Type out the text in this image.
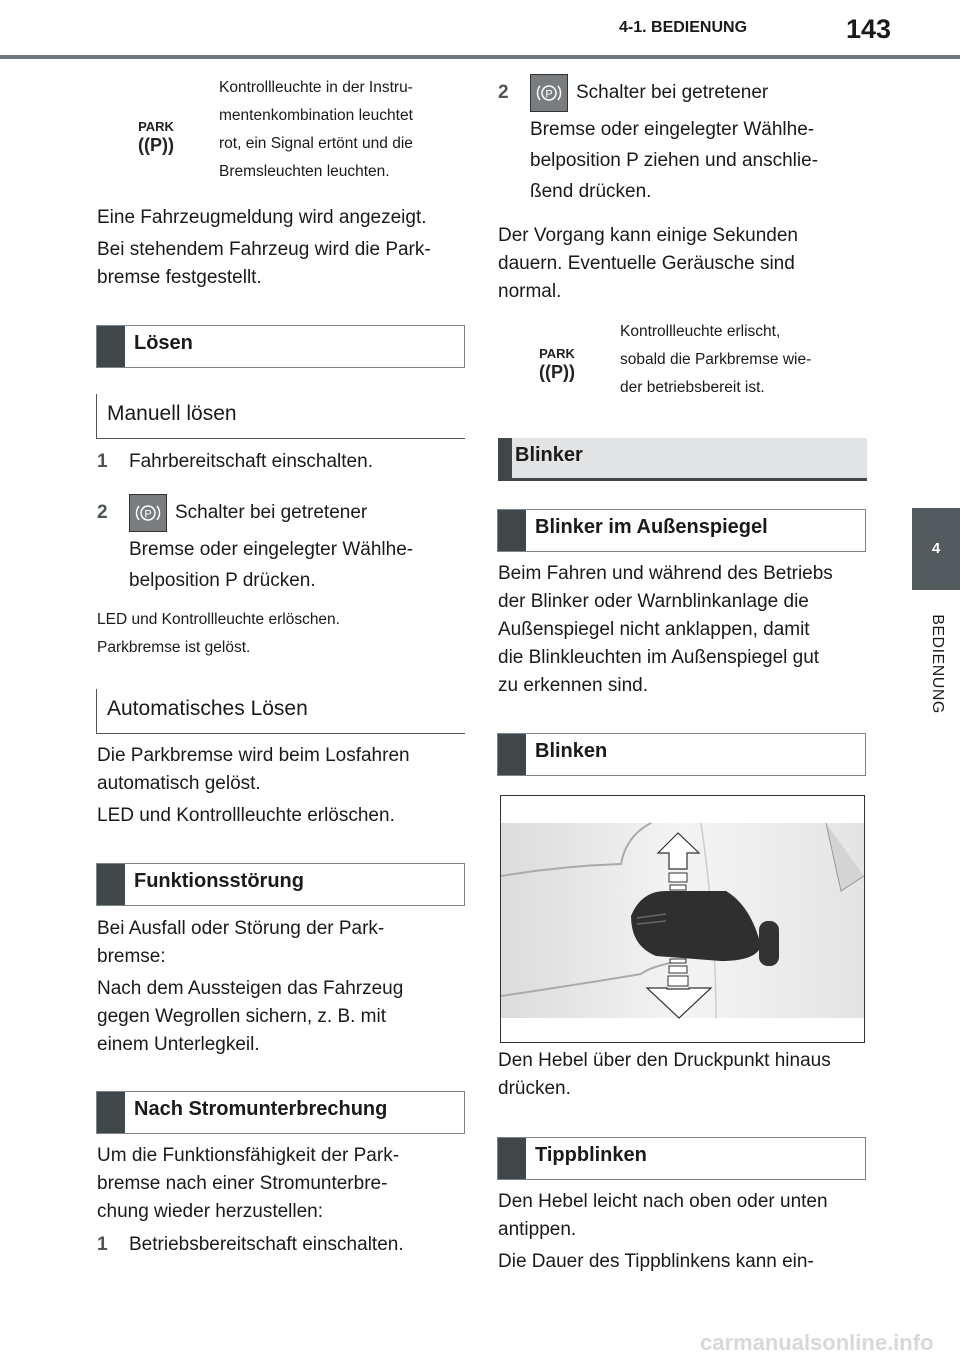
4-1. BEDIENUNG	143
4
BEDIENUNG
PARK
((P))
Kontrollleuchte in der Instru-
mentenkombination leuchtet
rot, ein Signal ertönt und die
Bremsleuchten leuchten.
Eine Fahrzeugmeldung wird angezeigt.
Bei stehendem Fahrzeug wird die Park-
bremse festgestellt.
Lösen
Manuell lösen
1 Fahrbereitschaft einschalten.
2	P Schalter bei getretener
Bremse oder eingelegter Wählhe-
belposition P drücken.
LED und Kontrollleuchte erlöschen.
Parkbremse ist gelöst.
Automatisches Lösen
Die Parkbremse wird beim Losfahren
automatisch gelöst.
LED und Kontrollleuchte erlöschen.
Funktionsstörung
Bei Ausfall oder Störung der Park-
bremse:
Nach dem Aussteigen das Fahrzeug
gegen Wegrollen sichern, z. B. mit
einem Unterlegkeil.
Nach Stromunterbrechung
Um die Funktionsfähigkeit der Park-
bremse nach einer Stromunterbre-
chung wieder herzustellen:
1 Betriebsbereitschaft einschalten.
2	P Schalter bei getretener
Bremse oder eingelegter Wählhe-
belposition P ziehen und anschlie-
ßend drücken.
Der Vorgang kann einige Sekunden
dauern. Eventuelle Geräusche sind
normal.
PARK
((P))
Kontrollleuchte erlischt,
sobald die Parkbremse wie-
der betriebsbereit ist.
Blinker
Blinker im Außenspiegel
Beim Fahren und während des Betriebs
der Blinker oder Warnblinkanlage die
Außenspiegel nicht anklappen, damit
die Blinkleuchten im Außenspiegel gut
zu erkennen sind.
Blinken
Den Hebel über den Druckpunkt hinaus
drücken.
Tippblinken
Den Hebel leicht nach oben oder unten
antippen.
Die Dauer des Tippblinkens kann ein-
carmanualsonline.info
